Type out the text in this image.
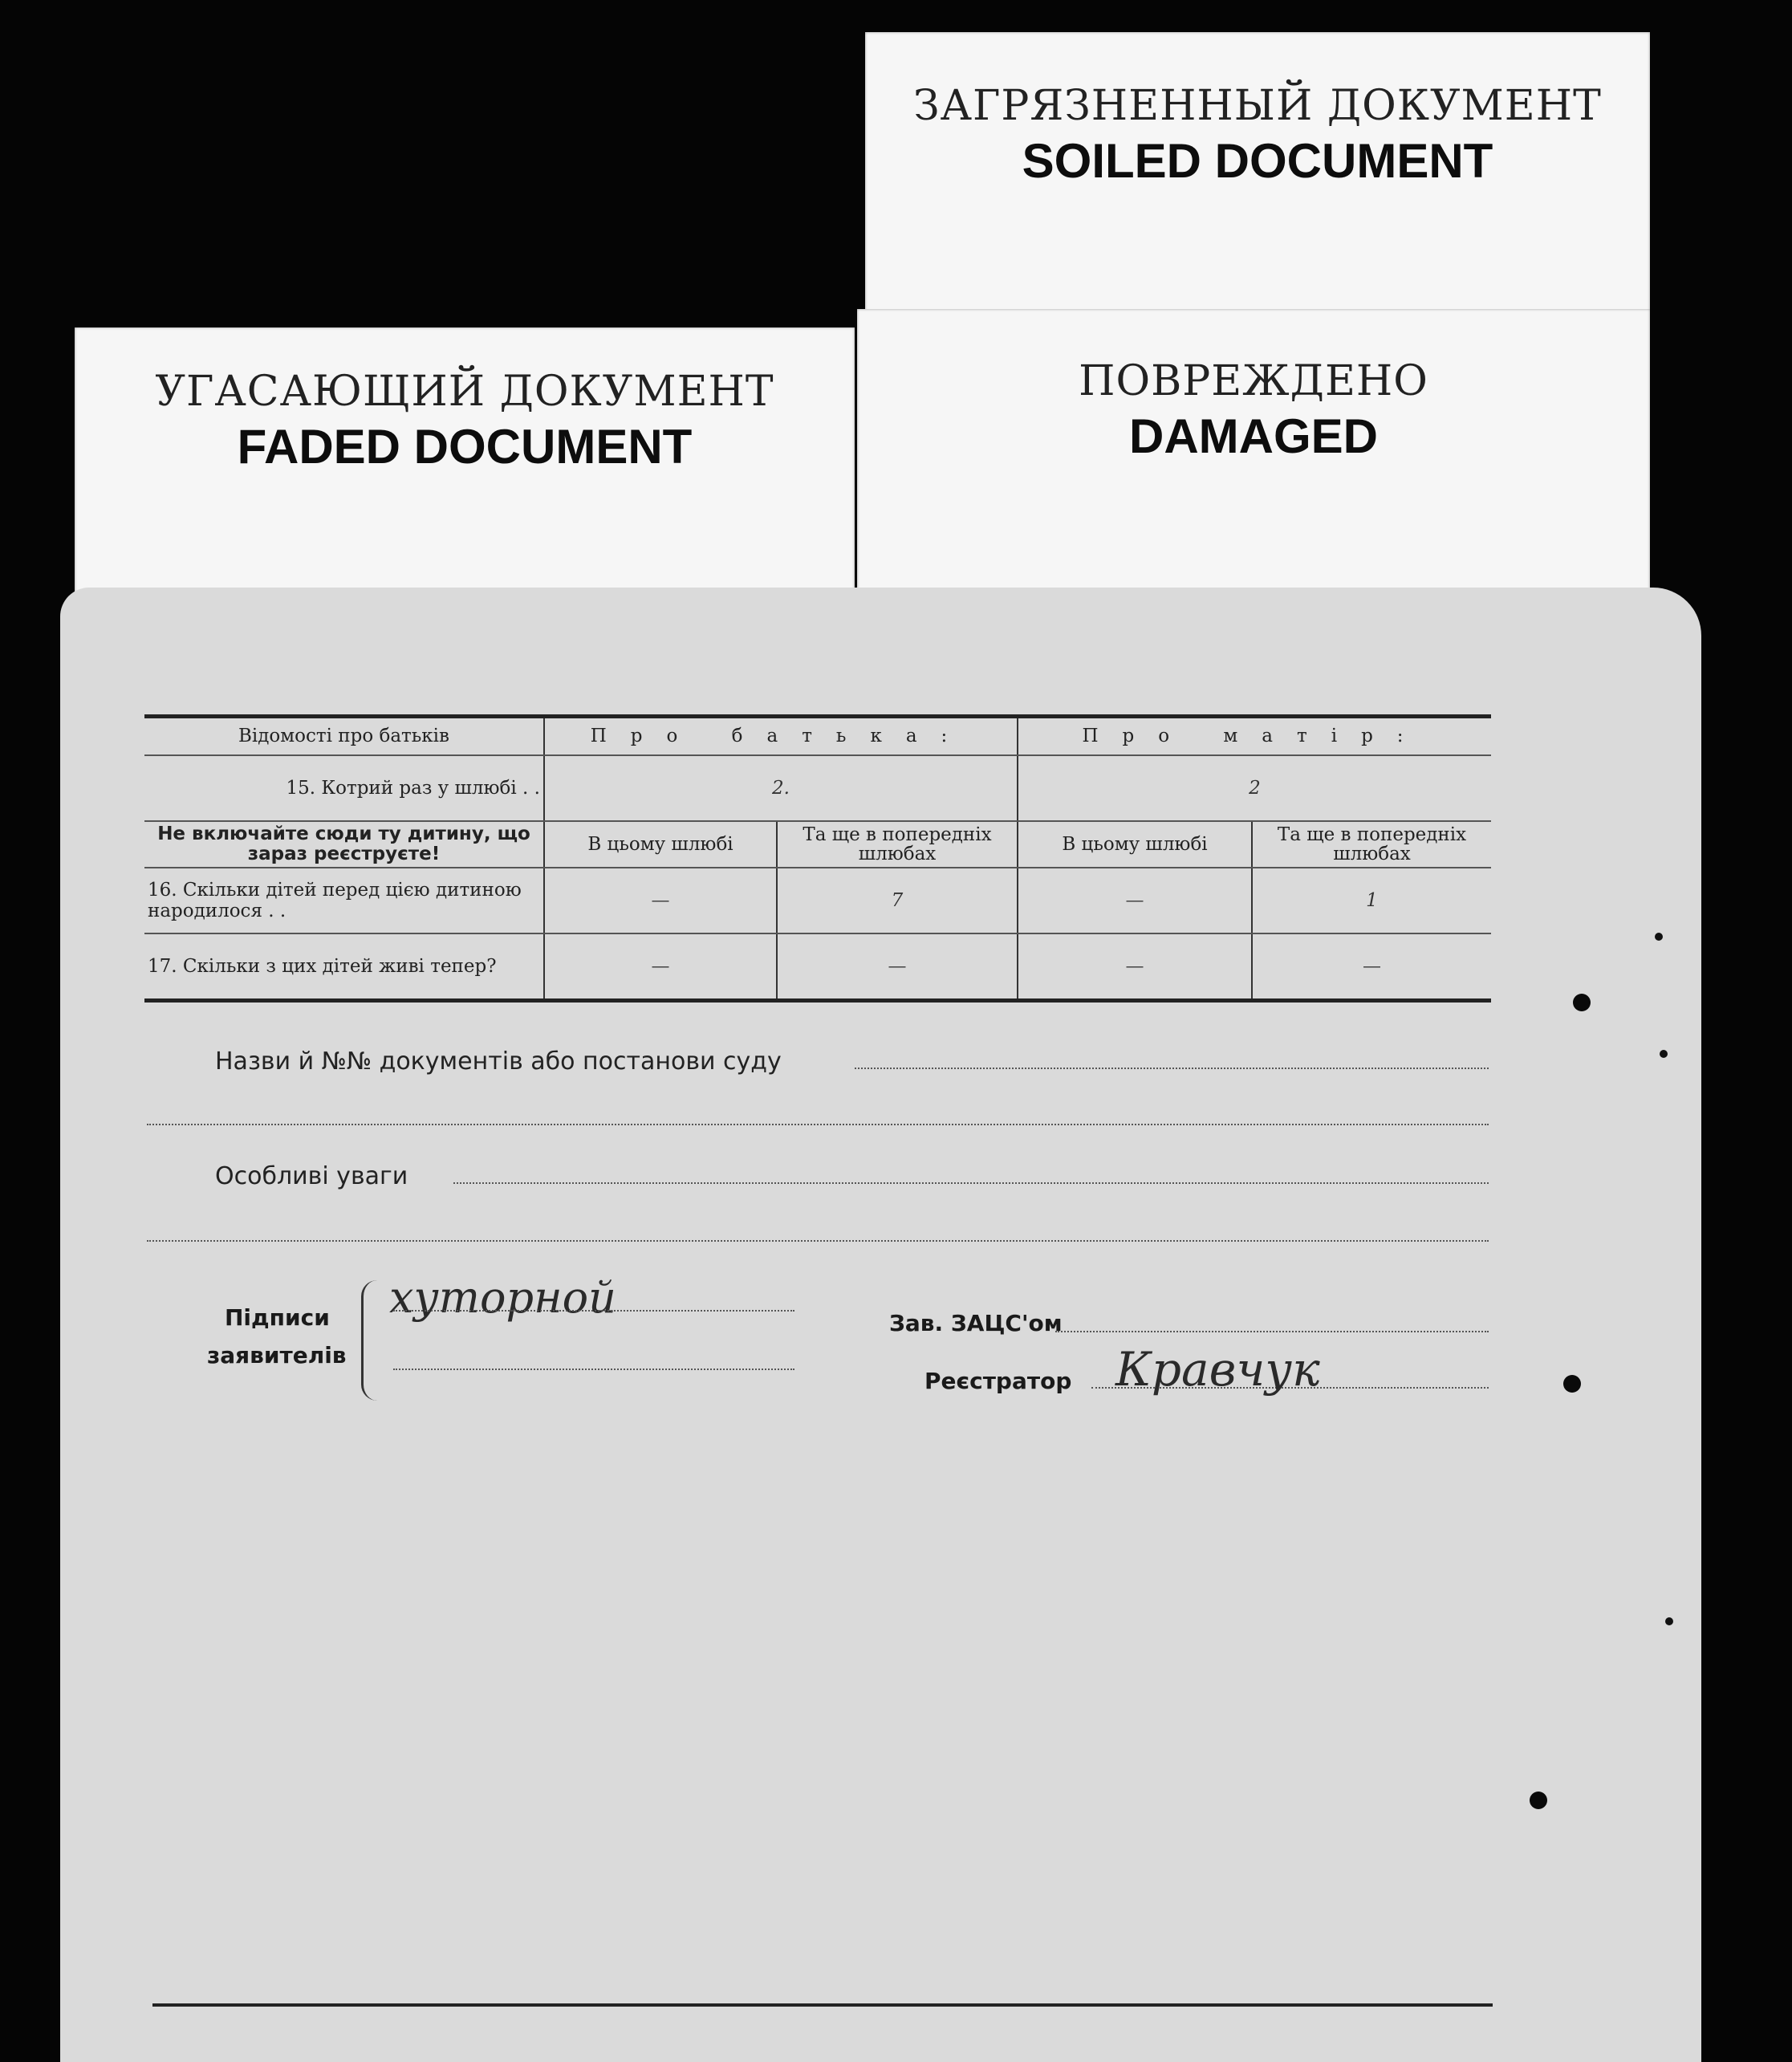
ЗАГРЯЗНЕННЫЙ ДОКУМЕНТ
SOILED DOCUMENT
УГАСАЮЩИЙ ДОКУМЕНТ
FADED DOCUMENT
ПОВРЕЖДЕНО
DAMAGED
Відомості про батьків	Про батька:		Про матір:	
15. Котрий раз у шлюбі . .	2.		2	
Не включайте сюди ту дитину, що зараз реєструєте!	В цьому шлюбі	Та ще в попередніх шлюбах	В цьому шлюбі	Та ще в попередніх шлюбах
16. Скільки дітей перед цією дитиною народилося . .	—	7	—	1
17. Скільки з цих дітей живі тепер?	—	—	—	—
Назви й №№ документів або постанови суду
Особливі уваги
Підписи
заявителів
хуторной
Зав. ЗАЦС'ом
Реєстратор Кравчук
